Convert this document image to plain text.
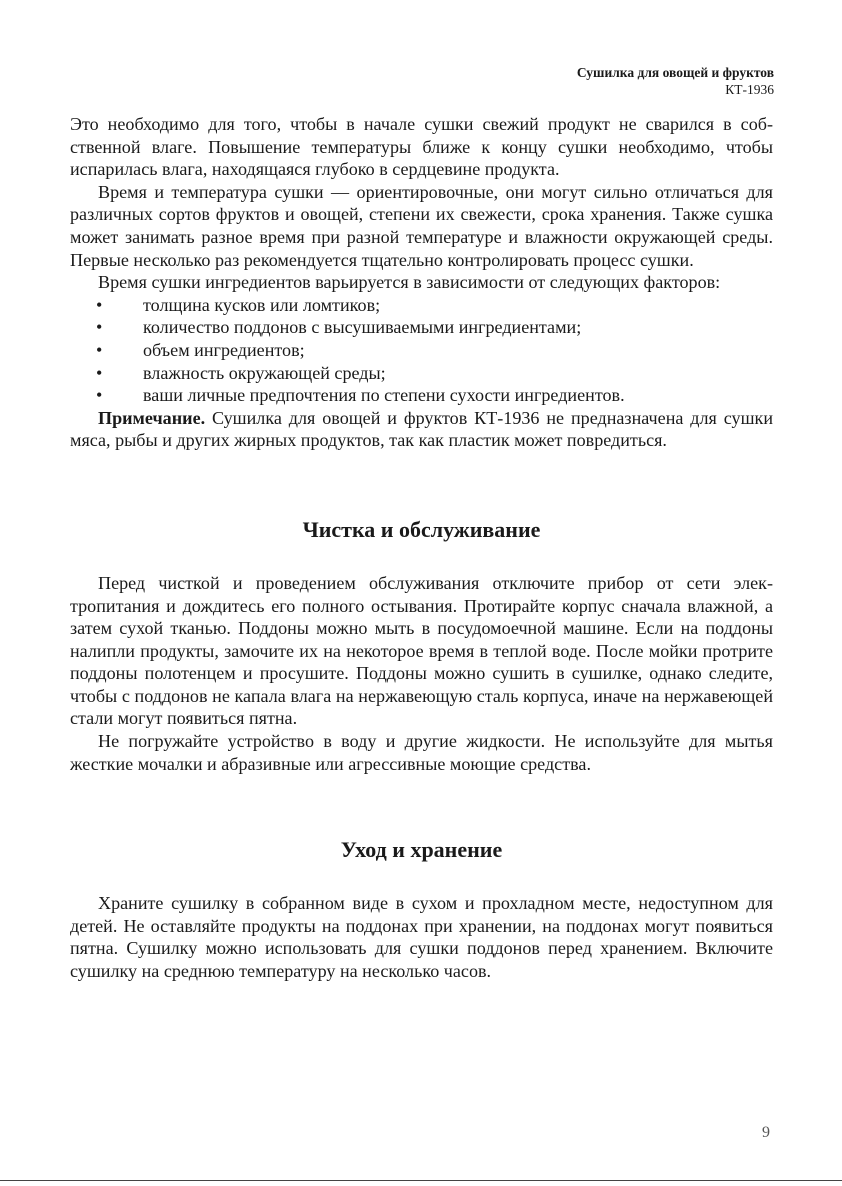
Сушилка для овощей и фруктов
КТ-1936

Это необходимо для того, чтобы в начале сушки свежий продукт не сварился в собственной влаге. Повышение температуры ближе к концу сушки необходимо, чтобы испарилась влага, находящаяся глубоко в сердцевине продукта.

Время и температура сушки — ориентировочные, они могут сильно отличаться для различных сортов фруктов и овощей, степени их свежести, срока хранения. Также сушка может занимать разное время при разной температуре и влажности окружающей среды. Первые несколько раз рекомендуется тщательно контролировать процесс сушки.

Время сушки ингредиентов варьируется в зависимости от следующих факторов:

• толщина кусков или ломтиков;
• количество поддонов с высушиваемыми ингредиентами;
• объем ингредиентов;
• влажность окружающей среды;
• ваши личные предпочтения по степени сухости ингредиентов.

Примечание. Сушилка для овощей и фруктов КТ-1936 не предназначена для сушки мяса, рыбы и других жирных продуктов, так как пластик может повредиться.

Чистка и обслуживание

Перед чисткой и проведением обслуживания отключите прибор от сети электропитания и дождитесь его полного остывания. Протирайте корпус сначала влажной, а затем сухой тканью. Поддоны можно мыть в посудомоечной машине. Если на поддоны налипли продукты, замочите их на некоторое время в теплой воде. После мойки протрите поддоны полотенцем и просушите. Поддоны можно сушить в сушилке, однако следите, чтобы с поддонов не капала влага на нержавеющую сталь корпуса, иначе на нержавеющей стали могут появиться пятна.

Не погружайте устройство в воду и другие жидкости. Не используйте для мытья жесткие мочалки и абразивные или агрессивные моющие средства.

Уход и хранение

Храните сушилку в собранном виде в сухом и прохладном месте, недоступном для детей. Не оставляйте продукты на поддонах при хранении, на поддонах могут появиться пятна. Сушилку можно использовать для сушки поддонов перед хранением. Включите сушилку на среднюю температуру на несколько часов.

9
